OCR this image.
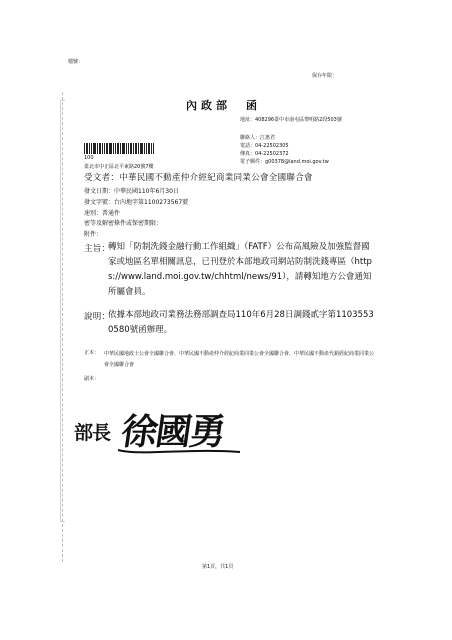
檔號：
保存年限：
內政部　函
地址：408296臺中市南屯區黎明路2段503號
聯絡人：江惠君
電話：04-22502305
傳真：04-22502372
電子郵件：g00378@land.moi.gov.tw
100
臺北市中正區北平東路20號7樓
受文者：中華民國不動產仲介經紀商業同業公會全國聯合會
發文日期：中華民國110年6月30日
發文字號：台內地字第1100273567號
速別：普通件
密等及解密條件或保密期限：
附件：
主旨：
轉知「防制洗錢金融行動工作組織」（FATF）公布高風險及加強監督國家或地區名單相關訊息，已刊登於本部地政司網站防制洗錢專區（https://www.land.moi.gov.tw/chhtml/news/91），請轉知地方公會通知所屬會員。
說明：
依據本部地政司業務法務部調查局110年6月28日調錢貳字第11035530580號函辦理。
正本： 中華民國地政士公會全國聯合會、中華民國不動產仲介經紀商業同業公會全國聯合會、中華民國不動產代銷經紀商業同業公會全國聯合會
副本：
部長 徐國勇
第1頁，共1頁
